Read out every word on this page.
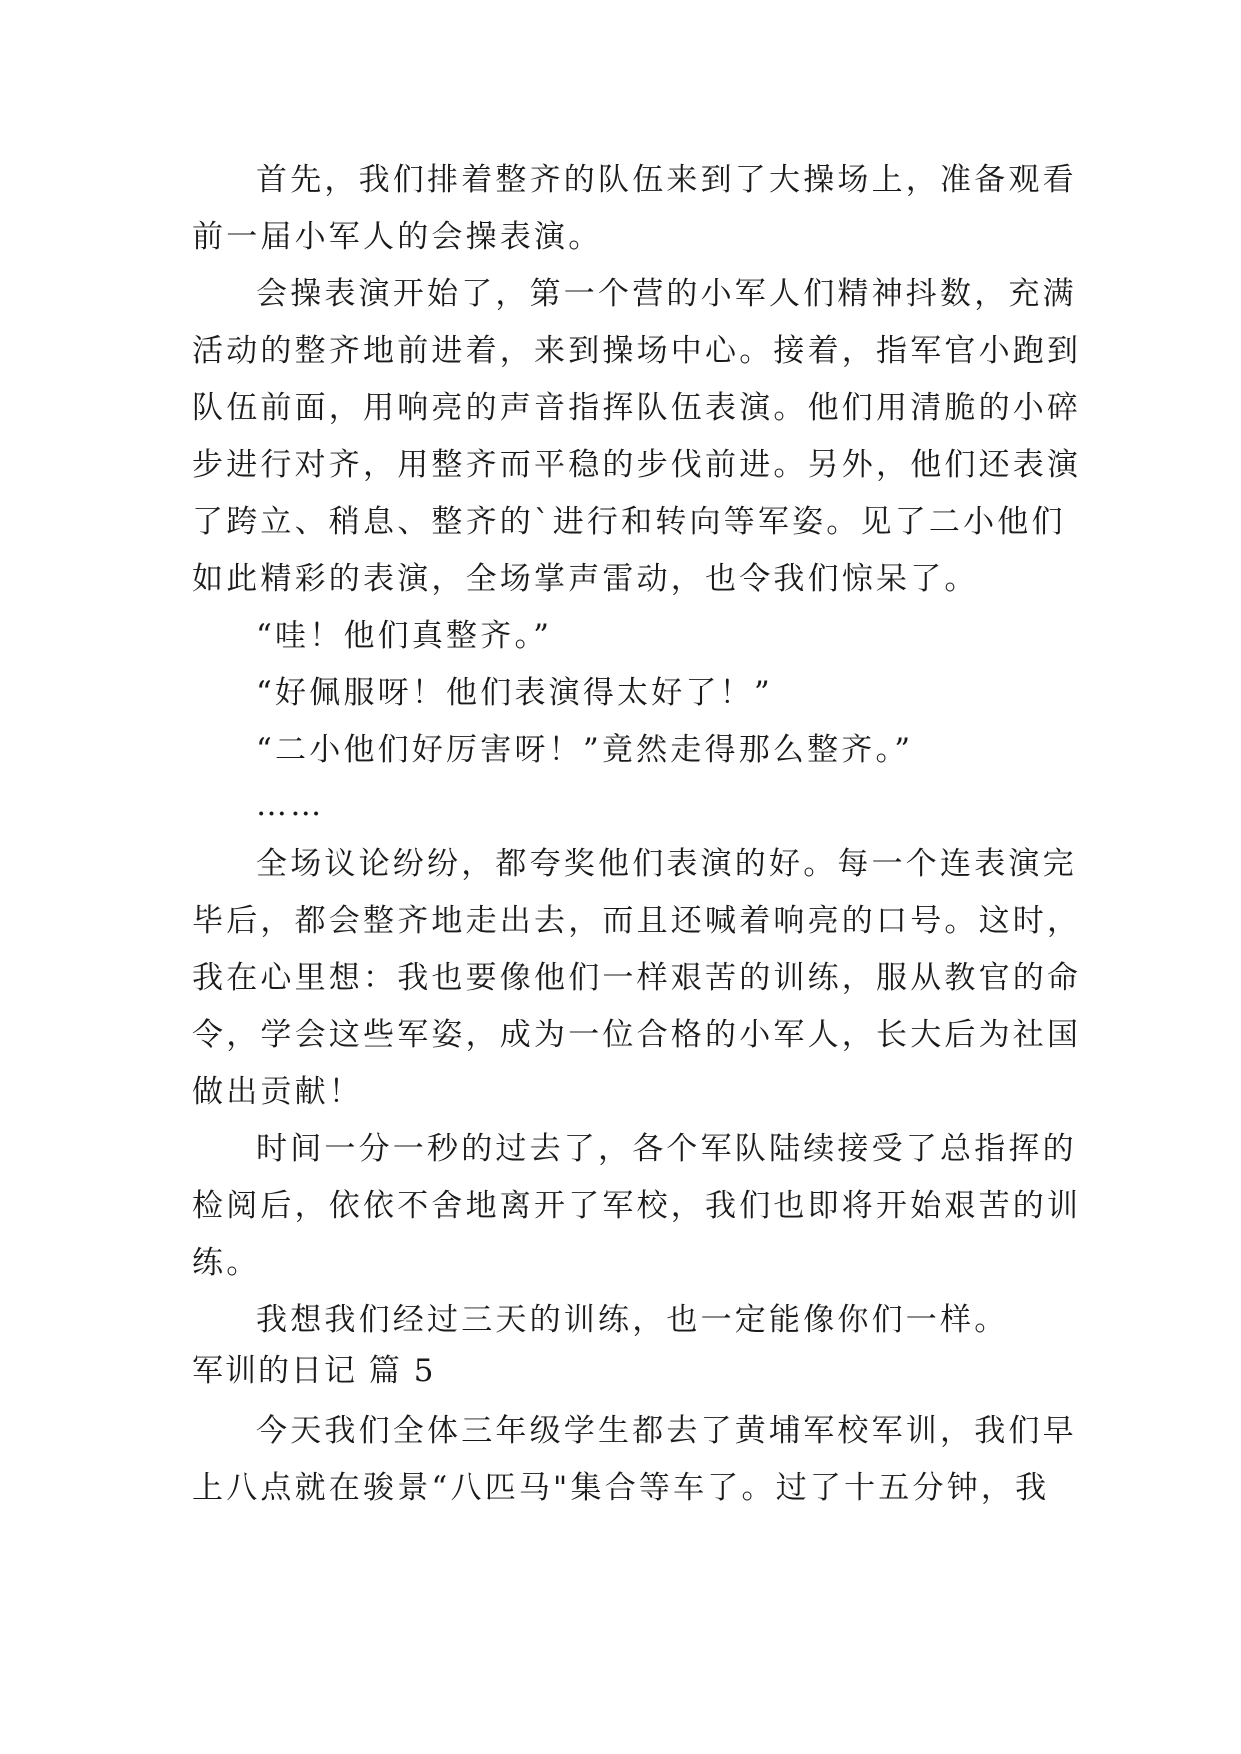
首先，我们排着整齐的队伍来到了大操场上，准备观看
前一届小军人的会操表演。
会操表演开始了，第一个营的小军人们精神抖数，充满
活动的整齐地前进着，来到操场中心。接着，指军官小跑到
队伍前面，用响亮的声音指挥队伍表演。他们用清脆的小碎
步进行对齐，用整齐而平稳的步伐前进。另外，他们还表演
了跨立、稍息、整齐的`进行和转向等军姿。见了二小他们
如此精彩的表演，全场掌声雷动，也令我们惊呆了。
“哇！他们真整齐。”
“好佩服呀！他们表演得太好了！”
“二小他们好厉害呀！”竟然走得那么整齐。”
……
全场议论纷纷，都夸奖他们表演的好。每一个连表演完
毕后，都会整齐地走出去，而且还喊着响亮的口号。这时，
我在心里想：我也要像他们一样艰苦的训练，服从教官的命
令，学会这些军姿，成为一位合格的小军人，长大后为社国
做出贡献！
时间一分一秒的过去了，各个军队陆续接受了总指挥的
检阅后，依依不舍地离开了军校，我们也即将开始艰苦的训
练。
我想我们经过三天的训练，也一定能像你们一样。
军训的日记 篇 5
今天我们全体三年级学生都去了黄埔军校军训，我们早
上八点就在骏景“八匹马"集合等车了。过了十五分钟，我
